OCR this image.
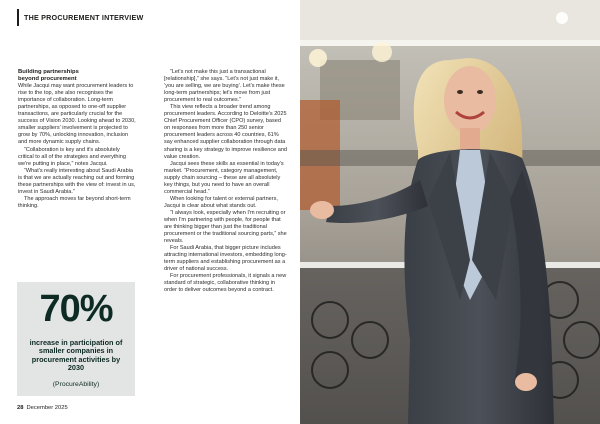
THE PROCUREMENT INTERVIEW
Building partnerships
beyond procurement

While Jacqui may want procurement leaders to rise to the top, she also recognises the importance of collaboration. Long-term partnerships, as opposed to one-off supplier transactions, are particularly crucial for the success of Vision 2030. Looking ahead to 2030, smaller suppliers' involvement is projected to grow by 70%, unlocking innovation, inclusion and more dynamic supply chains.

“Collaboration is key and it's absolutely critical to all of the strategies and everything we're putting in place,” notes Jacqui.

“What's really interesting about Saudi Arabia is that we are actually reaching out and forming these partnerships with the view of: invest in us, invest in Saudi Arabia.”

The approach moves far beyond short-term thinking.

70%
increase in participation of smaller companies in procurement activities by 2030
(ProcureAbility)

“Let's not make this just a transactional [relationship],” she says. “Let's not just make it, ‘you are selling, we are buying’. Let's make these long-term partnerships; let's move from just procurement to real outcomes.”

This view reflects a broader trend among procurement leaders. According to Deloitte's 2025 Chief Procurement Officer (CPO) survey, based on responses from more than 250 senior procurement leaders across 40 countries, 61% say enhanced supplier collaboration through data sharing is a key strategy to improve resilience and value creation.

Jacqui sees these skills as essential in today's market. “Procurement, category management, supply chain sourcing – these are all absolutely key things, but you need to have an overall commercial head.”

When looking for talent or external partners, Jacqui is clear about what stands out.

“I always look, especially when I'm recruiting or when I'm partnering with people, for people that are thinking bigger than just the traditional procurement or the traditional sourcing parts,” she reveals.

For Saudi Arabia, that bigger picture includes attracting international investors, embedding long-term suppliers and establishing procurement as a driver of national success.

For procurement professionals, it signals a new standard of strategic, collaborative thinking in order to deliver outcomes beyond a contract.

28 December 2025
